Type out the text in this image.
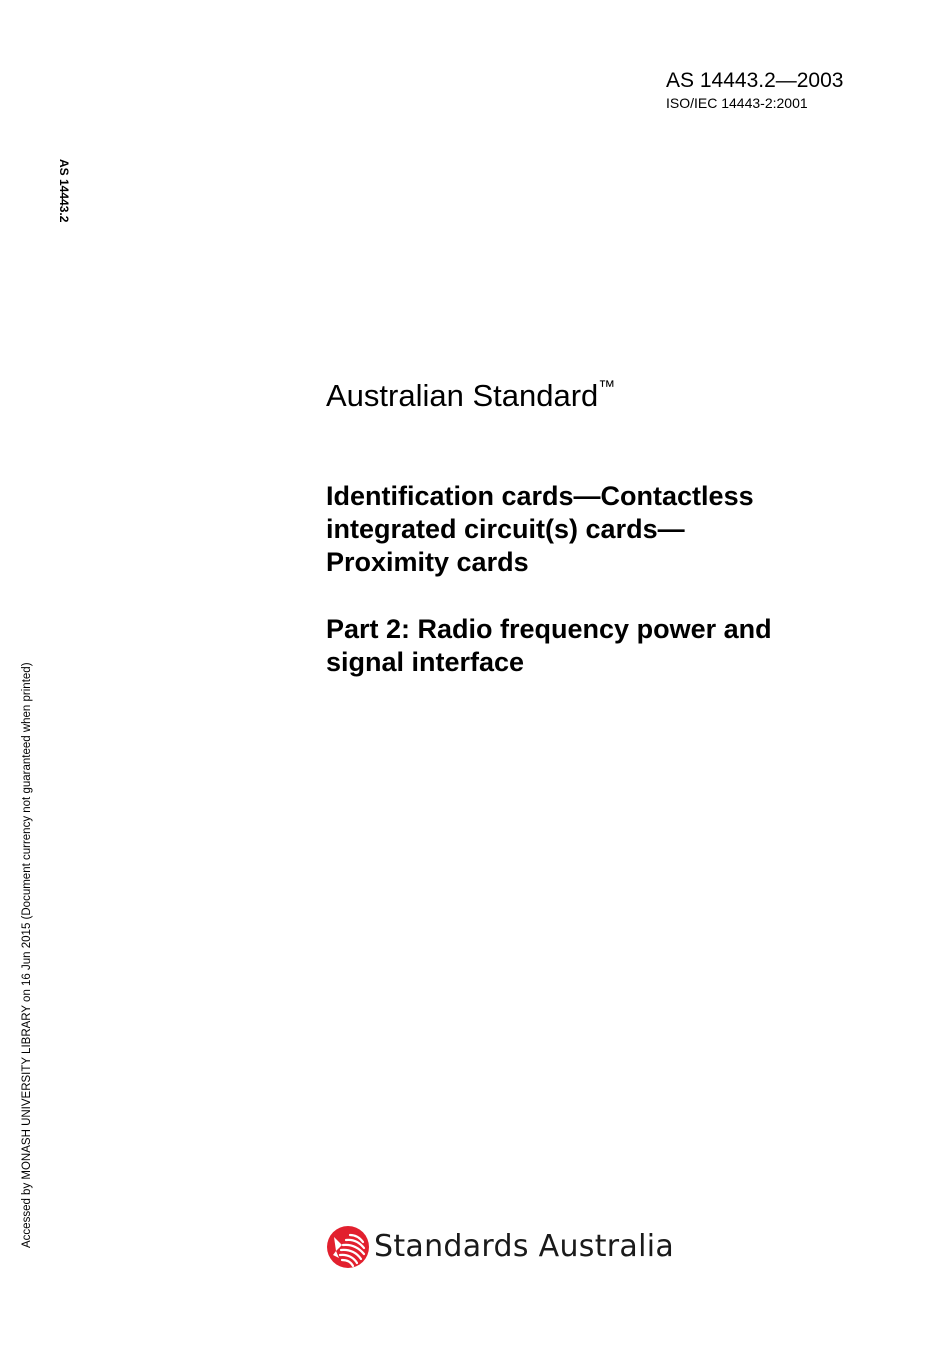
AS 14443.2—2003
ISO/IEC 14443-2:2001
AS 14443.2
Accessed by MONASH UNIVERSITY LIBRARY on 16 Jun 2015 (Document currency not guaranteed when printed)
Australian Standard™
Identification cards—Contactless
integrated circuit(s) cards—
Proximity cards
Part 2: Radio frequency power and
signal interface
Standards Australia
